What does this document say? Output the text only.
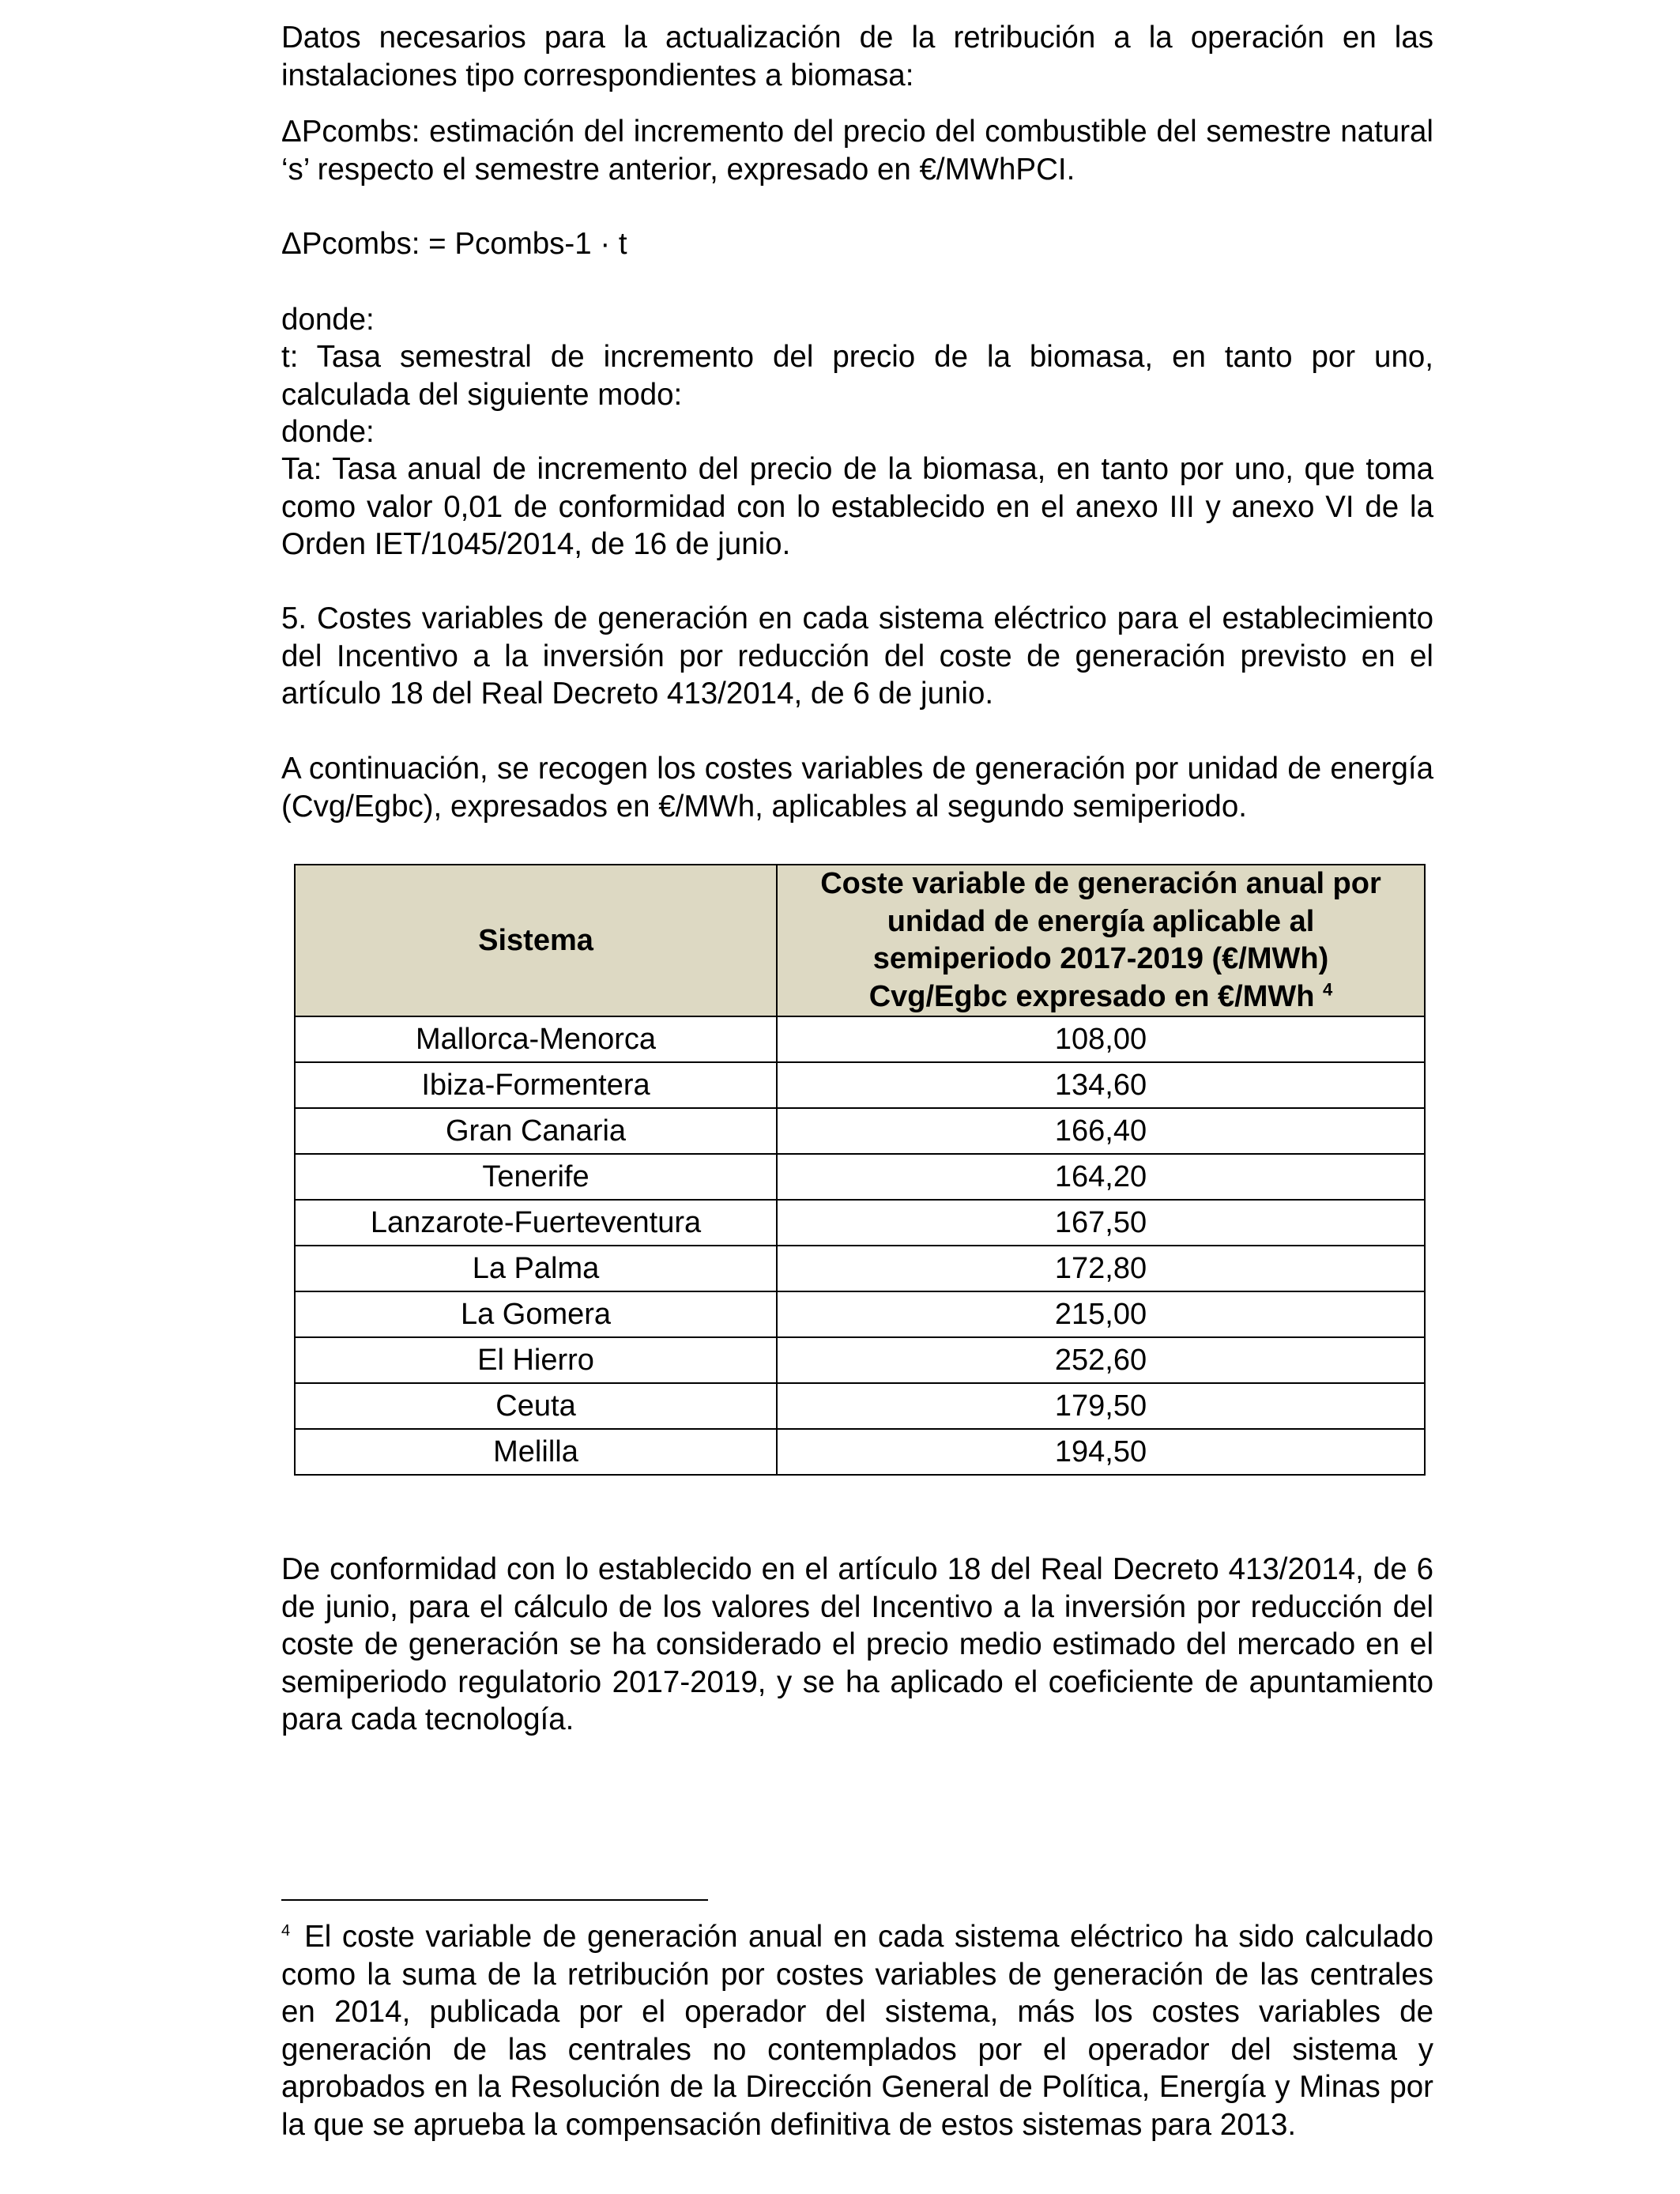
Datos necesarios para la actualización de la retribución a la operación en las instalaciones tipo correspondientes a biomasa:

ΔPcombs: estimación del incremento del precio del combustible del semestre natural ‘s’ respecto el semestre anterior, expresado en €/MWhPCI.

ΔPcombs: = Pcombs-1 · t

donde:

t: Tasa semestral de incremento del precio de la biomasa, en tanto por uno, calculada del siguiente modo:

donde:

Ta: Tasa anual de incremento del precio de la biomasa, en tanto por uno, que toma como valor 0,01 de conformidad con lo establecido en el anexo III y anexo VI de la Orden IET/1045/2014, de 16 de junio.

5. Costes variables de generación en cada sistema eléctrico para el establecimiento del Incentivo a la inversión por reducción del coste de generación previsto en el artículo 18 del Real Decreto 413/2014, de 6 de junio.

A continuación, se recogen los costes variables de generación por unidad de energía (Cvg/Egbc), expresados en €/MWh, aplicables al segundo semiperiodo.

Sistema	Coste variable de generación anual por
unidad de energía aplicable al
semiperiodo 2017-2019 (€/MWh)
Cvg/Egbc expresado en €/MWh $^4$
Mallorca-Menorca	108,00
Ibiza-Formentera	134,60
Gran Canaria	166,40
Tenerife	164,20
Lanzarote-Fuerteventura	167,50
La Palma	172,80
La Gomera	215,00
El Hierro	252,60
Ceuta	179,50
Melilla	194,50

De conformidad con lo establecido en el artículo 18 del Real Decreto 413/2014, de 6 de junio, para el cálculo de los valores del Incentivo a la inversión por reducción del coste de generación se ha considerado el precio medio estimado del mercado en el semiperiodo regulatorio 2017-2019, y se ha aplicado el coeficiente de apuntamiento para cada tecnología.

$^4$ El coste variable de generación anual en cada sistema eléctrico ha sido calculado como la suma de la retribución por costes variables de generación de las centrales en 2014, publicada por el operador del sistema, más los costes variables de generación de las centrales no contemplados por el operador del sistema y aprobados en la Resolución de la Dirección General de Política, Energía y Minas por la que se aprueba la compensación definitiva de estos sistemas para 2013.
